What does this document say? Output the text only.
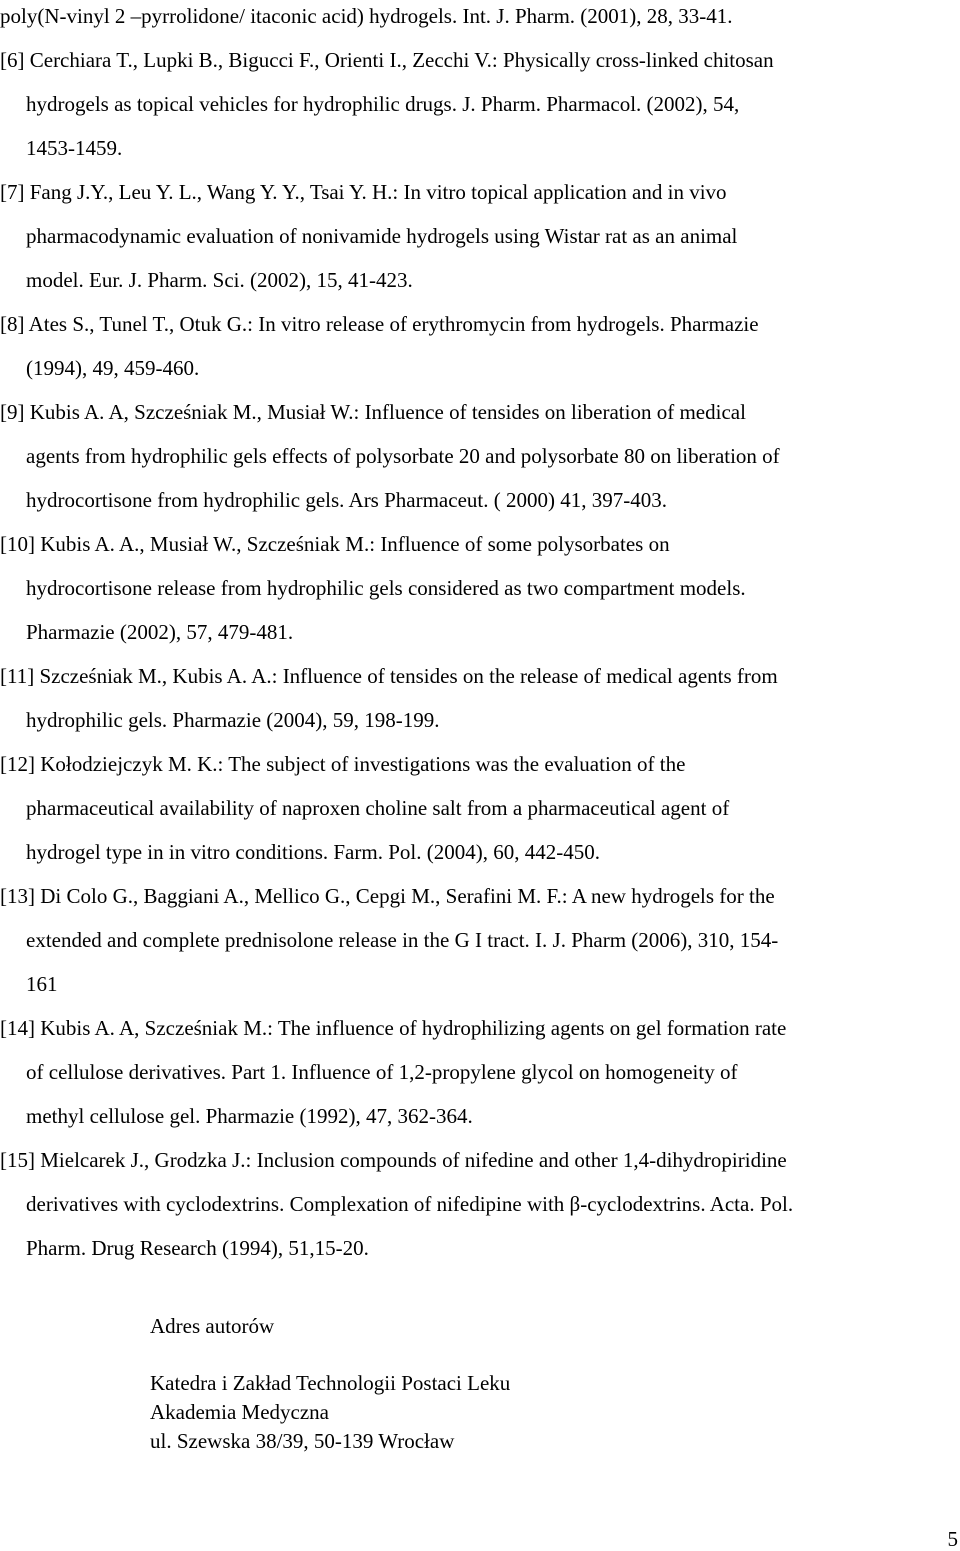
poly(N-vinyl 2 –pyrrolidone/ itaconic acid) hydrogels. Int. J. Pharm. (2001), 28, 33-41.
[6] Cerchiara T., Lupki B., Bigucci F., Orienti I., Zecchi V.: Physically cross-linked chitosan
hydrogels as topical vehicles for hydrophilic drugs. J. Pharm. Pharmacol. (2002), 54,
1453-1459.
[7] Fang J.Y., Leu Y. L., Wang Y. Y., Tsai Y. H.: In vitro topical application and in vivo
pharmacodynamic evaluation of nonivamide hydrogels using Wistar rat as an animal
model. Eur. J. Pharm. Sci. (2002), 15, 41-423.
[8] Ates S., Tunel T., Otuk G.: In vitro release of erythromycin from hydrogels. Pharmazie
(1994), 49, 459-460.
[9] Kubis A. A, Szcześniak M., Musiał W.: Influence of tensides on liberation of medical
agents from hydrophilic gels effects of polysorbate 20 and polysorbate 80 on liberation of
hydrocortisone from hydrophilic gels. Ars Pharmaceut. ( 2000) 41, 397-403.
[10] Kubis A. A., Musiał W., Szcześniak M.: Influence of some polysorbates on
hydrocortisone release from hydrophilic gels considered as two compartment models.
Pharmazie (2002), 57, 479-481.
[11] Szcześniak M., Kubis A. A.: Influence of tensides on the release of medical agents from
hydrophilic gels. Pharmazie (2004), 59, 198-199.
[12] Kołodziejczyk M. K.: The subject of investigations was the evaluation of the
pharmaceutical availability of naproxen choline salt from a pharmaceutical agent of
hydrogel type in in vitro conditions. Farm. Pol. (2004), 60, 442-450.
[13] Di Colo G., Baggiani A., Mellico G., Cepgi M., Serafini M. F.: A new hydrogels for the
extended and complete prednisolone release in the G I tract. I. J. Pharm (2006), 310, 154-
161
[14] Kubis A. A, Szcześniak M.: The influence of hydrophilizing agents on gel formation rate
of cellulose derivatives. Part 1. Influence of 1,2-propylene glycol on homogeneity of
methyl cellulose gel. Pharmazie (1992), 47, 362-364.
[15] Mielcarek J., Grodzka J.: Inclusion compounds of nifedine and other 1,4-dihydropiridine
derivatives with cyclodextrins. Complexation of nifedipine with β-cyclodextrins. Acta. Pol.
Pharm. Drug Research (1994), 51,15-20.
Adres autorów
Katedra i Zakład Technologii Postaci Leku
Akademia Medyczna
ul. Szewska 38/39, 50-139 Wrocław
5
